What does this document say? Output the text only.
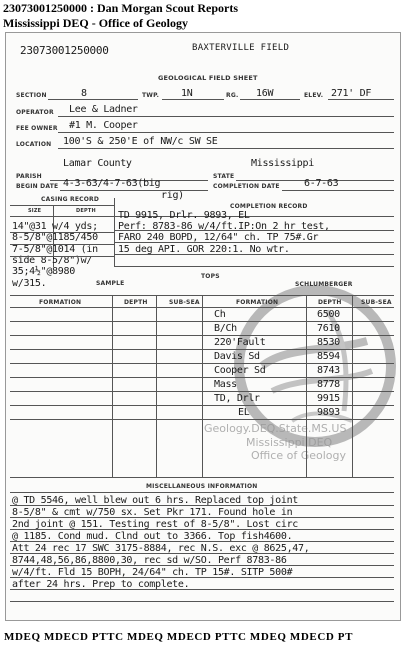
23073001250000 : Dan Morgan Scout Reports
Mississippi DEQ - Office of Geology
Geology.DEQ.State.MS.US
Mississippi DEQ
Office of Geology
23073001250000	BAXTERVILLE FIELD
GEOLOGICAL FIELD SHEET
SECTION	8	TWP. 1N	RG. 16W	ELEV. 271' DF
OPERATOR Lee & Ladner
FEE OWNER #1 M. Cooper
LOCATION 100'S & 250'E of NW/c SW SE
PARISH
Lamar County
STATE
Mississippi
BEGIN DATE 4-3-63/4-7-63(big
rig)
COMPLETION DATE 6-7-63
CASING RECORD
SIZE	DEPTH
COMPLETION RECORD
14"@31 w/4 yds;
8-5/8"@1185/450
7-5/8"@1014 (in
side 8-5/8")w/
35;4½"@8980
w/315.
TD 9915, Drlr. 9893, EL
Perf: 8783-86 w/4/ft.IP:On 2 hr test,
FARO 240 BOPD, 12/64" ch. TP 75#.Gr
15 deg API. GOR 220:1. No wtr.
SAMPLE
TOPS
SCHLUMBERGER
FORMATION	DEPTH	SUB-SEA	FORMATION	DEPTH	SUB-SEA
Ch	6500
B/Ch	7610
220'Fault	8530
Davis Sd	8594
Cooper Sd	8743
Mass	8778
TD, Drlr	9915
EL	9893
MISCELLANEOUS INFORMATION
@ TD 5546, well blew out 6 hrs. Replaced top joint
8-5/8" & cmt w/750 sx. Set Pkr 171. Found hole in
2nd joint @ 151. Testing rest of 8-5/8". Lost circ
@ 1185. Cond mud. Clnd out to 3366. Top fish4600.
Att 24 rec 17 SWC 3175-8884, rec N.S. exc @ 8625,47,
8744,48,56,86,8800,30, rec sd w/SO. Perf 8783-86
w/4/ft. Fld 15 BOPH, 24/64" ch. TP 15#. SITP 500#
after 24 hrs. Prep to complete.
MDEQ MDECD PTTC MDEQ MDECD PTTC MDEQ MDECD PT
